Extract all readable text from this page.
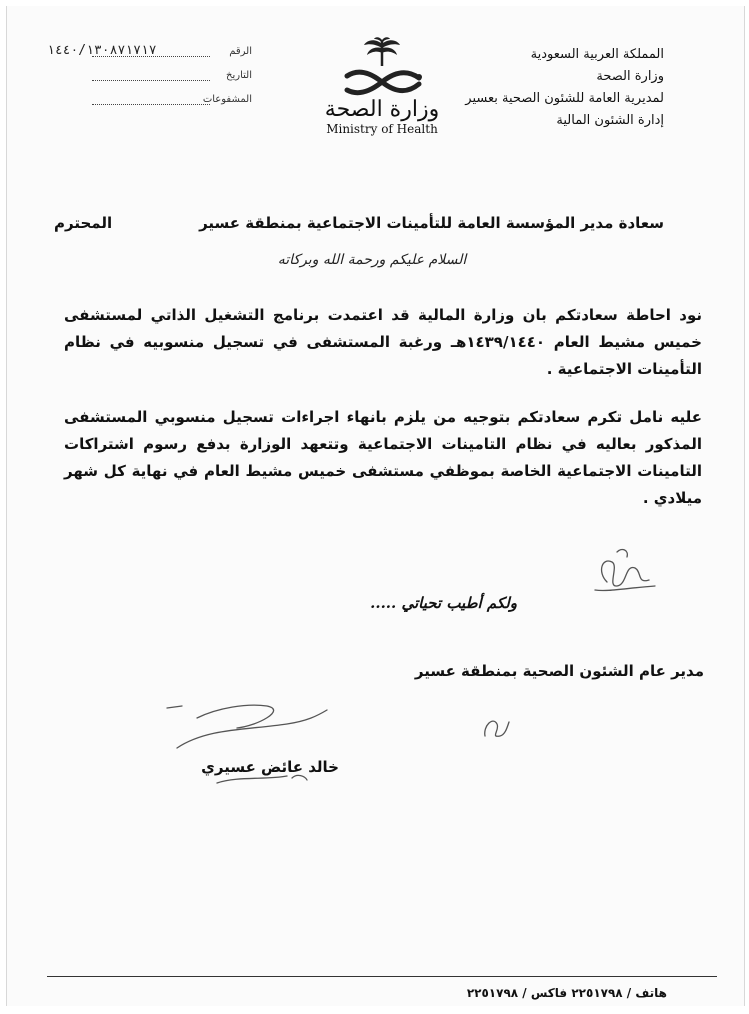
المملكة العربية السعودية
وزارة الصحة
لمديرية العامة للشئون الصحية بعسير
إدارة الشئون المالية
وزارة الصحة
Ministry of Health
الرقم
١٤٤٠/١٣٠٨٧١٧١٧
التاريخ
المشفوعات
سعادة مدير المؤسسة العامة للتأمينات الاجتماعية بمنطقة عسير
المحترم
السلام عليكم ورحمة الله وبركاته
نود احاطة سعادتكم بان وزارة المالية قد اعتمدت برنامج التشغيل الذاتي لمستشفى خميس مشيط العام ١٤٣٩/١٤٤٠هـ ورغبة المستشفى في تسجيل منسوبيه في نظام التأمينات الاجتماعية .
عليه نامل تكرم سعادتكم بتوجيه من يلزم بانهاء اجراءات تسجيل منسوبي المستشفى المذكور بعاليه في نظام التامينات الاجتماعية وتتعهد الوزارة بدفع رسوم اشتراكات التامينات الاجتماعية الخاصة بموظفي مستشفى خميس مشيط العام في نهاية كل شهر ميلادي .
ولكم أطيب تحياتي .....
مدير عام الشئون الصحية بمنطقة عسير
خالد عائض عسيري
هاتف / ٢٢٥١٧٩٨ فاكس / ٢٢٥١٧٩٨
